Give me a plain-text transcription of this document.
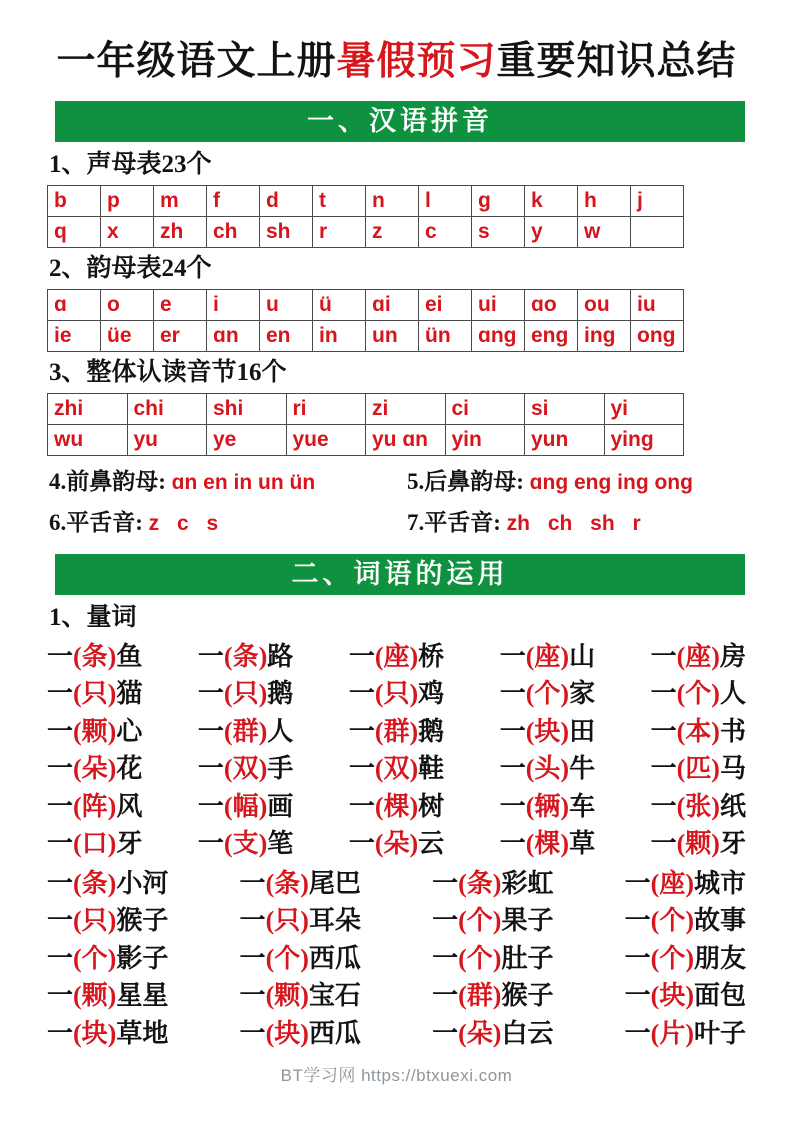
一年级语文上册暑假预习重要知识总结
一、汉语拼音
1、声母表23个
b	p	m	f	d	t	n	l	g	k	h	j
q	x	zh	ch	sh	r	z	c	s	y	w	
2、韵母表24个
ɑ	o	e	i	u	ü	ɑi	ei	ui	ɑo	ou	iu
ie	üe	er	ɑn	en	in	un	ün	ɑng	eng	ing	ong
3、整体认读音节16个
zhi	chi	shi	ri	zi	ci	si	yi
wu	yu	ye	yue	yu ɑn	yin	yun	ying
4.前鼻韵母: ɑn en in un ün	5.后鼻韵母: ɑng eng ing ong
6.平舌音: z c s	7.平舌音: zh ch sh r
二、词语的运用
1、量词
一(条)鱼 一(条)路 一(座)桥 一(座)山 一(座)房
一(只)猫 一(只)鹅 一(只)鸡 一(个)家 一(个)人
一(颗)心 一(群)人 一(群)鹅 一(块)田 一(本)书
一(朵)花 一(双)手 一(双)鞋 一(头)牛 一(匹)马
一(阵)风 一(幅)画 一(棵)树 一(辆)车 一(张)纸
一(口)牙 一(支)笔 一(朵)云 一(棵)草 一(颗)牙
一(条)小河	一(条)尾巴	一(条)彩虹	一(座)城市
一(只)猴子	一(只)耳朵	一(个)果子	一(个)故事
一(个)影子	一(个)西瓜	一(个)肚子	一(个)朋友
一(颗)星星	一(颗)宝石	一(群)猴子	一(块)面包
一(块)草地	一(块)西瓜	一(朵)白云	一(片)叶子
BT学习网 https://btxuexi.com
